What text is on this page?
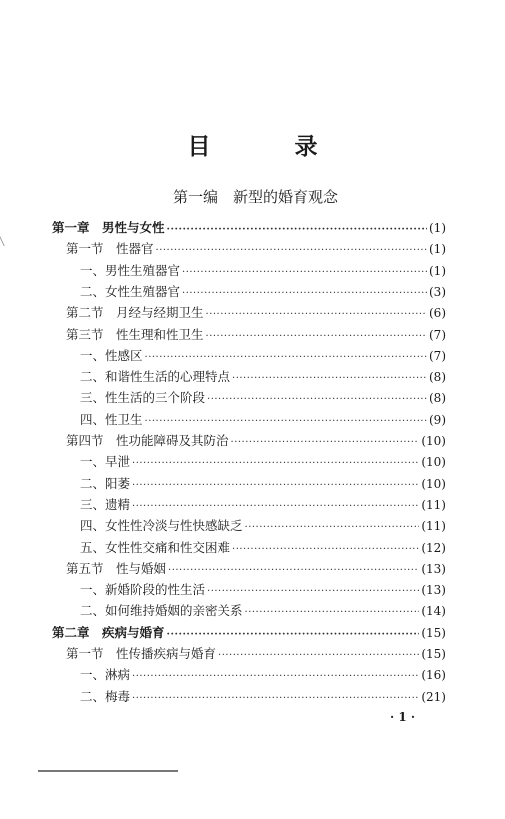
目 录
第一编　新型的婚育观念
第一章　男性与女性 ·····	(1)
第一节　性器官 ·····	(1)
一、男性生殖器官 ·····	(1)
二、女性生殖器官 ·····	(3)
第二节　月经与经期卫生 ·····	(6)
第三节　性生理和性卫生 ·····	(7)
一、性感区 ·····	(7)
二、和谐性生活的心理特点 ·····	(8)
三、性生活的三个阶段 ·····	(8)
四、性卫生 ·····	(9)
第四节　性功能障碍及其防治 ·····	(10)
一、早泄 ·····	(10)
二、阳萎 ·····	(10)
三、遗精 ·····	(11)
四、女性性冷淡与性快感缺乏 ·····	(11)
五、女性性交痛和性交困难 ·····	(12)
第五节　性与婚姻 ·····	(13)
一、新婚阶段的性生活 ·····	(13)
二、如何维持婚姻的亲密关系 ·····	(14)
第二章　疾病与婚育 ·····	(15)
第一节　性传播疾病与婚育 ·····	(15)
一、淋病 ·····	(16)
二、梅毒 ·····	(21)
· 1 ·
